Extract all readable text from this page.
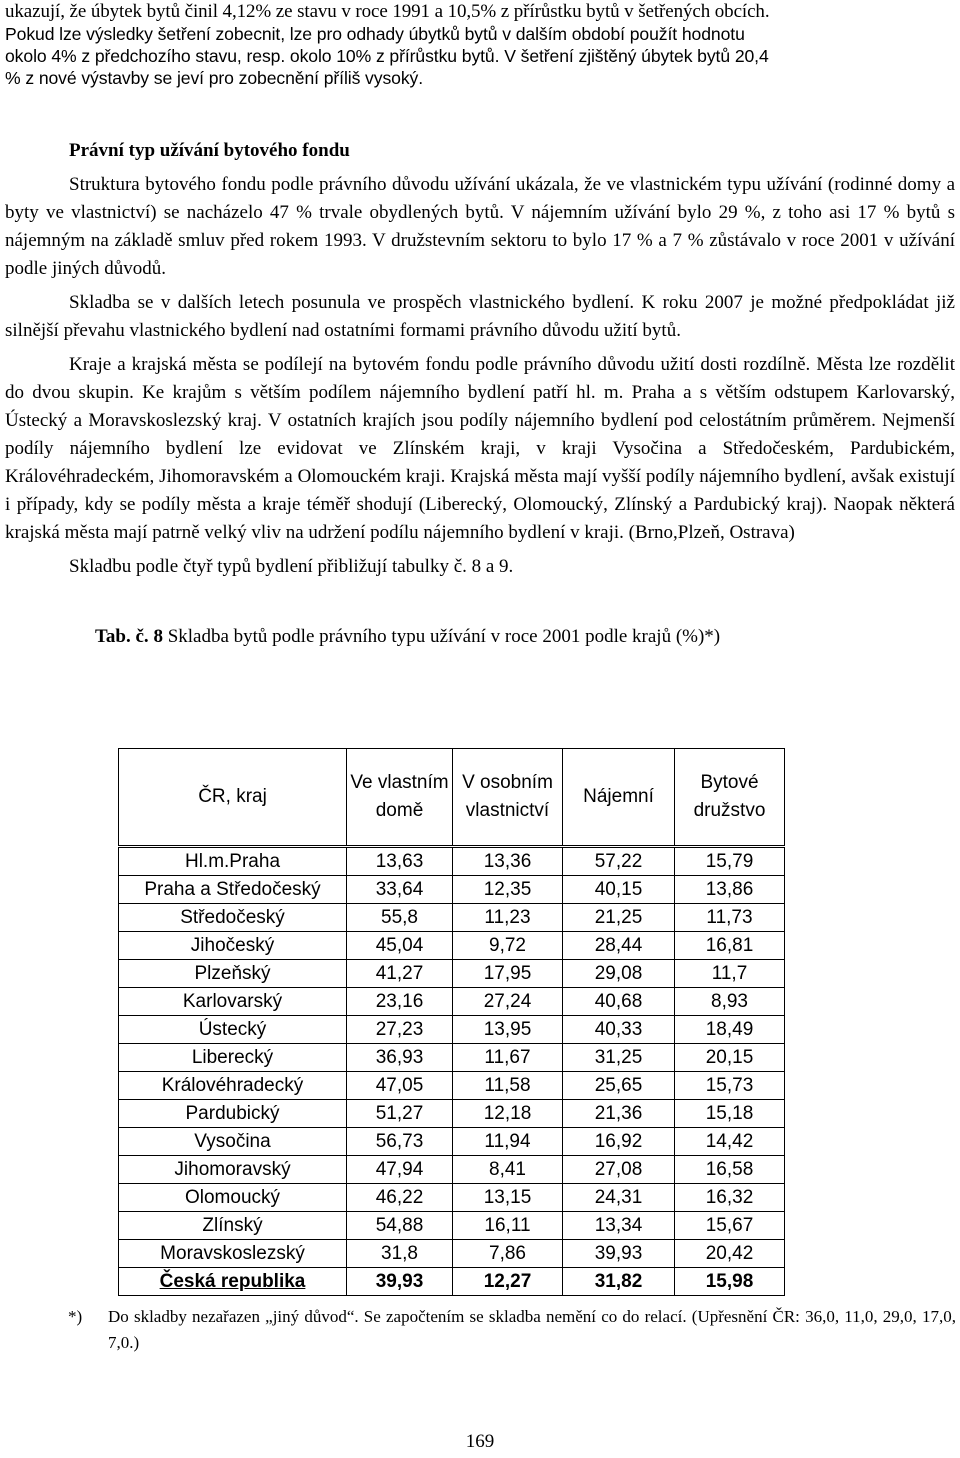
ukazují, že úbytek bytů činil 4,12% ze stavu v roce 1991 a 10,5% z přírůstku bytů v šetřených obcích.
Pokud lze výsledky šetření zobecnit, lze pro odhady úbytků bytů v dalším období použít hodnotu
okolo 4% z předchozího stavu, resp. okolo 10% z přírůstku bytů. V šetření zjištěný úbytek bytů 20,4
% z nové výstavby se jeví pro zobecnění příliš vysoký.

Právní typ užívání bytového fondu

Struktura bytového fondu podle právního důvodu užívání ukázala, že ve vlastnickém typu užívání (rodinné domy a byty ve vlastnictví) se nacházelo 47 % trvale obydlených bytů. V nájemním užívání bylo 29 %, z toho asi 17 % bytů s nájemným na základě smluv před rokem 1993. V družstevním sektoru to bylo 17 % a 7 % zůstávalo v roce 2001 v užívání podle jiných důvodů.

Skladba se v dalších letech posunula ve prospěch vlastnického bydlení. K roku 2007 je možné předpokládat již silnější převahu vlastnického bydlení nad ostatními formami právního důvodu užití bytů.

Kraje a krajská města se podílejí na bytovém fondu podle právního důvodu užití dosti rozdílně. Města lze rozdělit do dvou skupin. Ke krajům s větším podílem nájemního bydlení patří hl. m. Praha a s větším odstupem Karlovarský, Ústecký a Moravskoslezský kraj. V ostatních krajích jsou podíly nájemního bydlení pod celostátním průměrem. Nejmenší podíly nájemního bydlení lze evidovat ve Zlínském kraji, v kraji Vysočina a Středočeském, Pardubickém, Královéhradeckém, Jihomoravském a Olomouckém kraji. Krajská města mají vyšší podíly nájemního bydlení, avšak existují i případy, kdy se podíly města a kraje téměř shodují (Liberecký, Olomoucký, Zlínský a Pardubický kraj). Naopak některá krajská města mají patrně velký vliv na udržení podílu nájemního bydlení v kraji. (Brno,Plzeň, Ostrava)

Skladbu podle čtyř typů bydlení přibližují tabulky č. 8 a 9.

Tab. č. 8 Skladba bytů podle právního typu užívání v roce 2001 podle krajů (%)*)
ČR, kraj	Ve vlastním domě	V osobním vlastnictví	Nájemní	Bytové družstvo
Hl.m.Praha	13,63	13,36	57,22	15,79
Praha a Středočeský	33,64	12,35	40,15	13,86
Středočeský	55,8	11,23	21,25	11,73
Jihočeský	45,04	9,72	28,44	16,81
Plzeňský	41,27	17,95	29,08	11,7
Karlovarský	23,16	27,24	40,68	8,93
Ústecký	27,23	13,95	40,33	18,49
Liberecký	36,93	11,67	31,25	20,15
Královéhradecký	47,05	11,58	25,65	15,73
Pardubický	51,27	12,18	21,36	15,18
Vysočina	56,73	11,94	16,92	14,42
Jihomoravský	47,94	8,41	27,08	16,58
Olomoucký	46,22	13,15	24,31	16,32
Zlínský	54,88	16,11	13,34	15,67
Moravskoslezský	31,8	7,86	39,93	20,42
Česká republika	39,93	12,27	31,82	15,98
*) Do skladby nezařazen „jiný důvod“. Se započtením se skladba nemění co do relací. (Upřesnění ČR: 36,0, 11,0, 29,0, 17,0, 7,0.)
169
